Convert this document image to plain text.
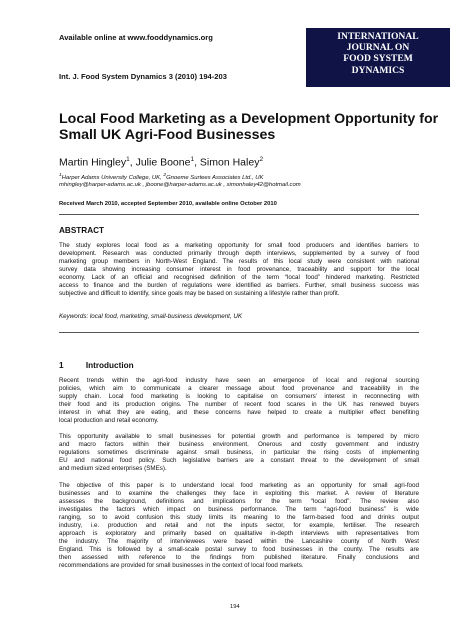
Available online at www.fooddynamics.org
Int. J. Food System Dynamics 3 (2010) 194-203
INTERNATIONAL
JOURNAL ON
FOOD SYSTEM
DYNAMICS
Local Food Marketing as a Development Opportunity for
Small UK Agri-Food Businesses
Martin Hingley$^1$, Julie Boone$^1$, Simon Haley$^2$
$^1$Harper Adams University College, UK, $^2$Gnoeme Surtees Associates Ltd., UK
mhingley@harper-adams.ac.uk , jboone@harper-adams.ac.uk , simonhaley42@hotmail.com
Received March 2010, accepted September 2010, available online October 2010
ABSTRACT
The study explores local food as a marketing opportunity for small food producers and identifies barriers to
development. Research was conducted primarily through depth interviews, supplemented by a survey of food
marketing group members in North-West England. The results of this local study were consistent with national
survey data showing increasing consumer interest in food provenance, traceability and support for the local
economy. Lack of an official and recognised definition of the term “local food” hindered marketing. Restricted
access to finance and the burden of regulations were identified as barriers. Further, small business success was
subjective and difficult to identify, since goals may be based on sustaining a lifestyle rather than profit.
Keywords: local food, marketing, small-business development, UK
1	Introduction
Recent trends within the agri-food industry have seen an emergence of local and regional sourcing
policies, which aim to communicate a clearer message about food provenance and traceability in the
supply chain. Local food marketing is looking to capitalise on consumers' interest in reconnecting with
their food and its production origins. The number of recent food scares in the UK has renewed buyers
interest in what they are eating, and these concerns have helped to create a multiplier effect benefiting
local production and retail economy.
This opportunity available to small businesses for potential growth and performance is tempered by micro
and macro factors within their business environment. Onerous and costly government and industry
regulations sometimes discriminate against small business, in particular the rising costs of implementing
EU and national food policy. Such legislative barriers are a constant threat to the development of small
and medium sized enterprises (SMEs).
The objective of this paper is to understand local food marketing as an opportunity for small agri-food
businesses and to examine the challenges they face in exploiting this market. A review of literature
assesses the background, definitions and implications for the term “local food”. The review also
investigates the factors which impact on business performance. The term “agri-food business” is wide
ranging, so to avoid confusion this study limits its meaning to the farm-based food and drinks output
industry, i.e. production and retail and not the inputs sector, for example, fertiliser. The research
approach is exploratory and primarily based on qualitative in-depth interviews with representatives from
the industry. The majority of interviewees were based within the Lancashire county of North West
England. This is followed by a small-scale postal survey to food businesses in the county. The results are
then assessed with reference to the findings from published literature. Finally conclusions and
recommendations are provided for small businesses in the context of local food markets.
194
